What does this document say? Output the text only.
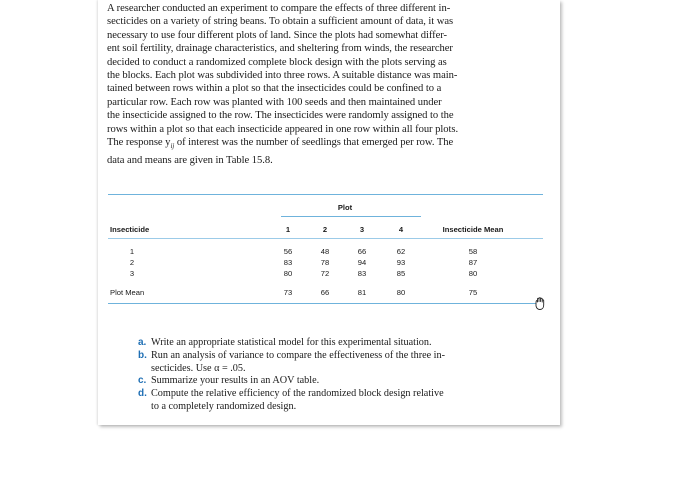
A researcher conducted an experiment to compare the effects of three different in-
secticides on a variety of string beans. To obtain a sufficient amount of data, it was
necessary to use four different plots of land. Since the plots had somewhat differ-
ent soil fertility, drainage characteristics, and sheltering from winds, the researcher
decided to conduct a randomized complete block design with the plots serving as
the blocks. Each plot was subdivided into three rows. A suitable distance was main-
tained between rows within a plot so that the insecticides could be confined to a
particular row. Each row was planted with 100 seeds and then maintained under
the insecticide assigned to the row. The insecticides were randomly assigned to the
rows within a plot so that each insecticide appeared in one row within all four plots.
The response $y_{ij}$ of interest was the number of seedlings that emerged per row. The
data and means are given in Table 15.8.
Plot
Insecticide	1	2	3	4	Insecticide Mean
1	56	48	66	62	58
2	83	78	94	93	87
3	80	72	83	85	80
Plot Mean	73	66	81	80	75
a. Write an appropriate statistical model for this experimental situation.
b. Run an analysis of variance to compare the effectiveness of the three in-
secticides. Use α = .05.
c. Summarize your results in an AOV table.
d. Compute the relative efficiency of the randomized block design relative
to a completely randomized design.
